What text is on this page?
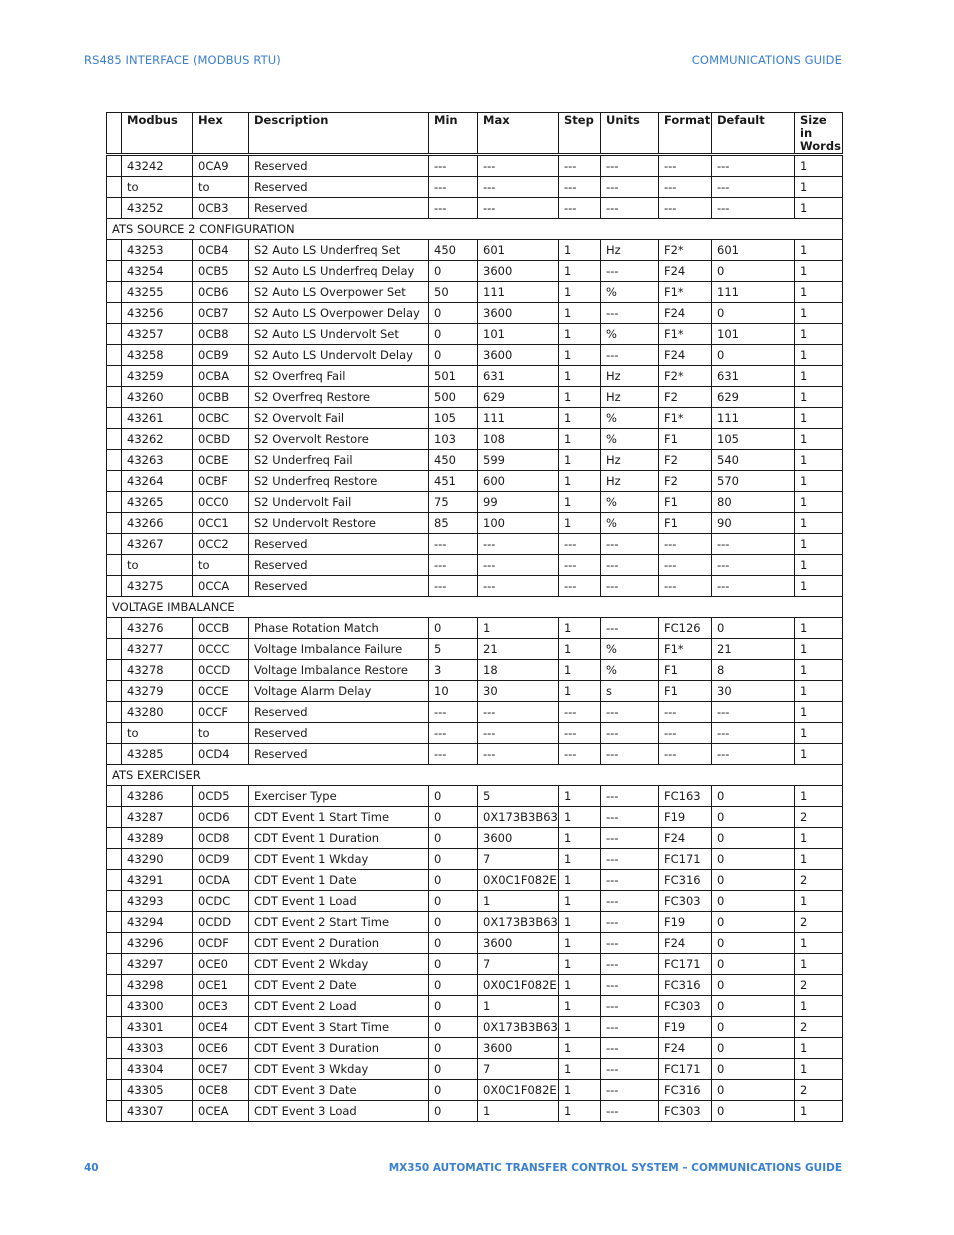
RS485 INTERFACE (MODBUS RTU)	COMMUNICATIONS GUIDE
	Modbus	Hex	Description	Min	Max	Step	Units	Format	Default	Size in Words
	43242	0CA9	Reserved	---	---	---	---	---	---	1
	to	to	Reserved	---	---	---	---	---	---	1
	43252	0CB3	Reserved	---	---	---	---	---	---	1
ATS SOURCE 2 CONFIGURATION										
	43253	0CB4	S2 Auto LS Underfreq Set	450	601	1	Hz	F2*	601	1
	43254	0CB5	S2 Auto LS Underfreq Delay	0	3600	1	---	F24	0	1
	43255	0CB6	S2 Auto LS Overpower Set	50	111	1	%	F1*	111	1
	43256	0CB7	S2 Auto LS Overpower Delay	0	3600	1	---	F24	0	1
	43257	0CB8	S2 Auto LS Undervolt Set	0	101	1	%	F1*	101	1
	43258	0CB9	S2 Auto LS Undervolt Delay	0	3600	1	---	F24	0	1
	43259	0CBA	S2 Overfreq Fail	501	631	1	Hz	F2*	631	1
	43260	0CBB	S2 Overfreq Restore	500	629	1	Hz	F2	629	1
	43261	0CBC	S2 Overvolt Fail	105	111	1	%	F1*	111	1
	43262	0CBD	S2 Overvolt Restore	103	108	1	%	F1	105	1
	43263	0CBE	S2 Underfreq Fail	450	599	1	Hz	F2	540	1
	43264	0CBF	S2 Underfreq Restore	451	600	1	Hz	F2	570	1
	43265	0CC0	S2 Undervolt Fail	75	99	1	%	F1	80	1
	43266	0CC1	S2 Undervolt Restore	85	100	1	%	F1	90	1
	43267	0CC2	Reserved	---	---	---	---	---	---	1
	to	to	Reserved	---	---	---	---	---	---	1
	43275	0CCA	Reserved	---	---	---	---	---	---	1
VOLTAGE IMBALANCE										
	43276	0CCB	Phase Rotation Match	0	1	1	---	FC126	0	1
	43277	0CCC	Voltage Imbalance Failure	5	21	1	%	F1*	21	1
	43278	0CCD	Voltage Imbalance Restore	3	18	1	%	F1	8	1
	43279	0CCE	Voltage Alarm Delay	10	30	1	s	F1	30	1
	43280	0CCF	Reserved	---	---	---	---	---	---	1
	to	to	Reserved	---	---	---	---	---	---	1
	43285	0CD4	Reserved	---	---	---	---	---	---	1
ATS EXERCISER										
	43286	0CD5	Exerciser Type	0	5	1	---	FC163	0	1
	43287	0CD6	CDT Event 1 Start Time	0	0X173B3B63	1	---	F19	0	2
	43289	0CD8	CDT Event 1 Duration	0	3600	1	---	F24	0	1
	43290	0CD9	CDT Event 1 Wkday	0	7	1	---	FC171	0	1
	43291	0CDA	CDT Event 1 Date	0	0X0C1F082E	1	---	FC316	0	2
	43293	0CDC	CDT Event 1 Load	0	1	1	---	FC303	0	1
	43294	0CDD	CDT Event 2 Start Time	0	0X173B3B63	1	---	F19	0	2
	43296	0CDF	CDT Event 2 Duration	0	3600	1	---	F24	0	1
	43297	0CE0	CDT Event 2 Wkday	0	7	1	---	FC171	0	1
	43298	0CE1	CDT Event 2 Date	0	0X0C1F082E	1	---	FC316	0	2
	43300	0CE3	CDT Event 2 Load	0	1	1	---	FC303	0	1
	43301	0CE4	CDT Event 3 Start Time	0	0X173B3B63	1	---	F19	0	2
	43303	0CE6	CDT Event 3 Duration	0	3600	1	---	F24	0	1
	43304	0CE7	CDT Event 3 Wkday	0	7	1	---	FC171	0	1
	43305	0CE8	CDT Event 3 Date	0	0X0C1F082E	1	---	FC316	0	2
	43307	0CEA	CDT Event 3 Load	0	1	1	---	FC303	0	1
40	MX350 AUTOMATIC TRANSFER CONTROL SYSTEM – COMMUNICATIONS GUIDE
